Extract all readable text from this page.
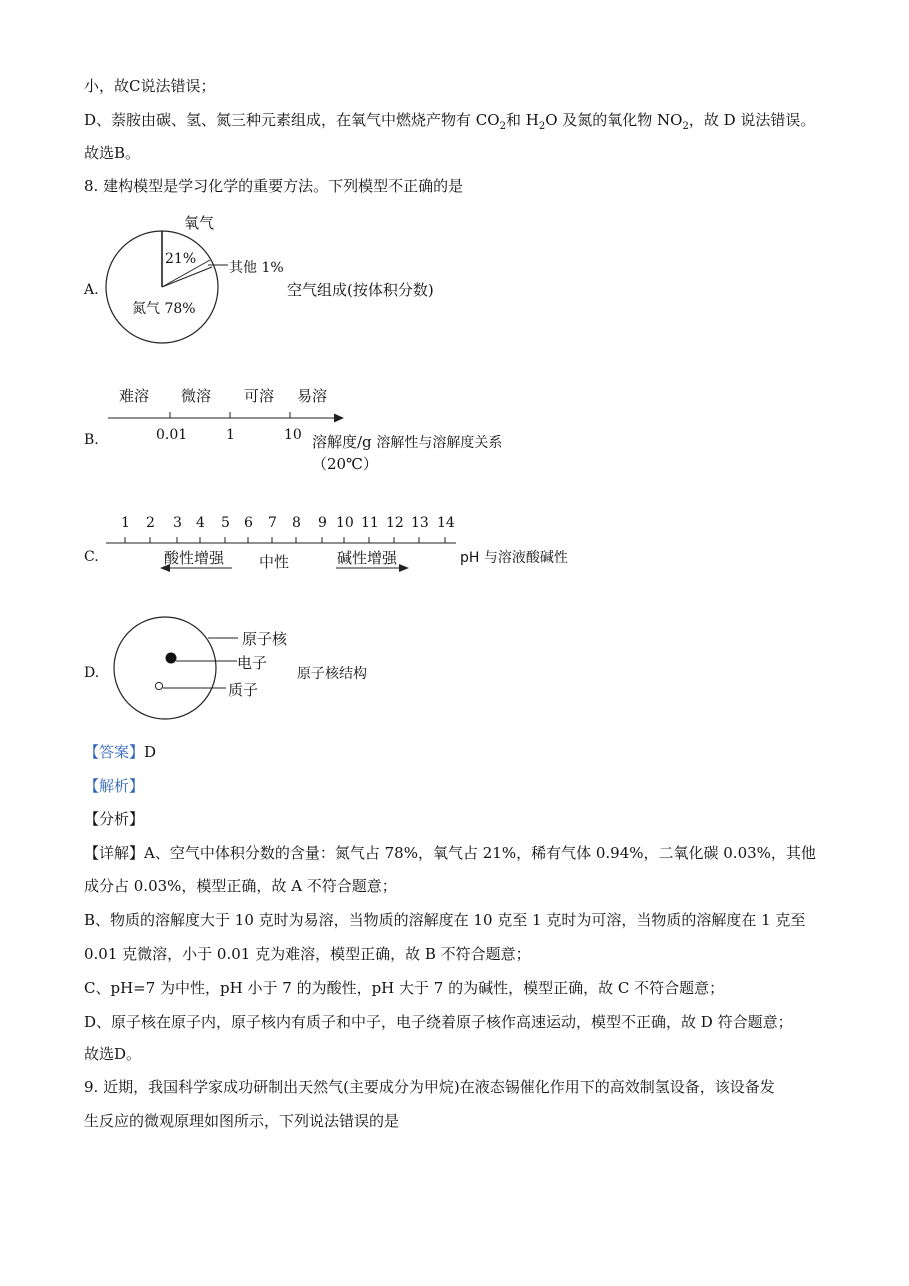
小，故C说法错误；
D、萘胺由碳、氢、氮三种元素组成，在氧气中燃烧产物有 $CO_2$和 $H_2O$ 及氮的氧化物 $NO_2$，故 D 说法错误。
故选B。
8. 建构模型是学习化学的重要方法。下列模型不正确的是
A.
氧气
21%
其他 1%
氮气 78%
空气组成(按体积分数)
B.
难溶 微溶 可溶 易溶
0.01	1	10 溶解度/g 溶解性与溶解度关系
（20℃）
C.
1 2 3 4 5 6 7 8 9 10 11 12 13 14
酸性增强 中性	碱性增强	pH 与溶液酸碱性
D.
原子核
电子
质子
原子核结构
【答案】D
【解析】
【分析】
【详解】A、空气中体积分数的含量：氮气占 78%，氧气占 21%，稀有气体 0.94%，二氧化碳 0.03%，其他
成分占 0.03%，模型正确，故 A 不符合题意；
B、物质的溶解度大于 10 克时为易溶，当物质的溶解度在 10 克至 1 克时为可溶，当物质的溶解度在 1 克至
0.01 克微溶，小于 0.01 克为难溶，模型正确，故 B 不符合题意；
C、pH=7 为中性，pH 小于 7 的为酸性，pH 大于 7 的为碱性，模型正确，故 C 不符合题意；
D、原子核在原子内，原子核内有质子和中子，电子绕着原子核作高速运动，模型不正确，故 D 符合题意；
故选D。
9. 近期，我国科学家成功研制出天然气(主要成分为甲烷)在液态锡催化作用下的高效制氢设备，该设备发
生反应的微观原理如图所示，下列说法错误的是
